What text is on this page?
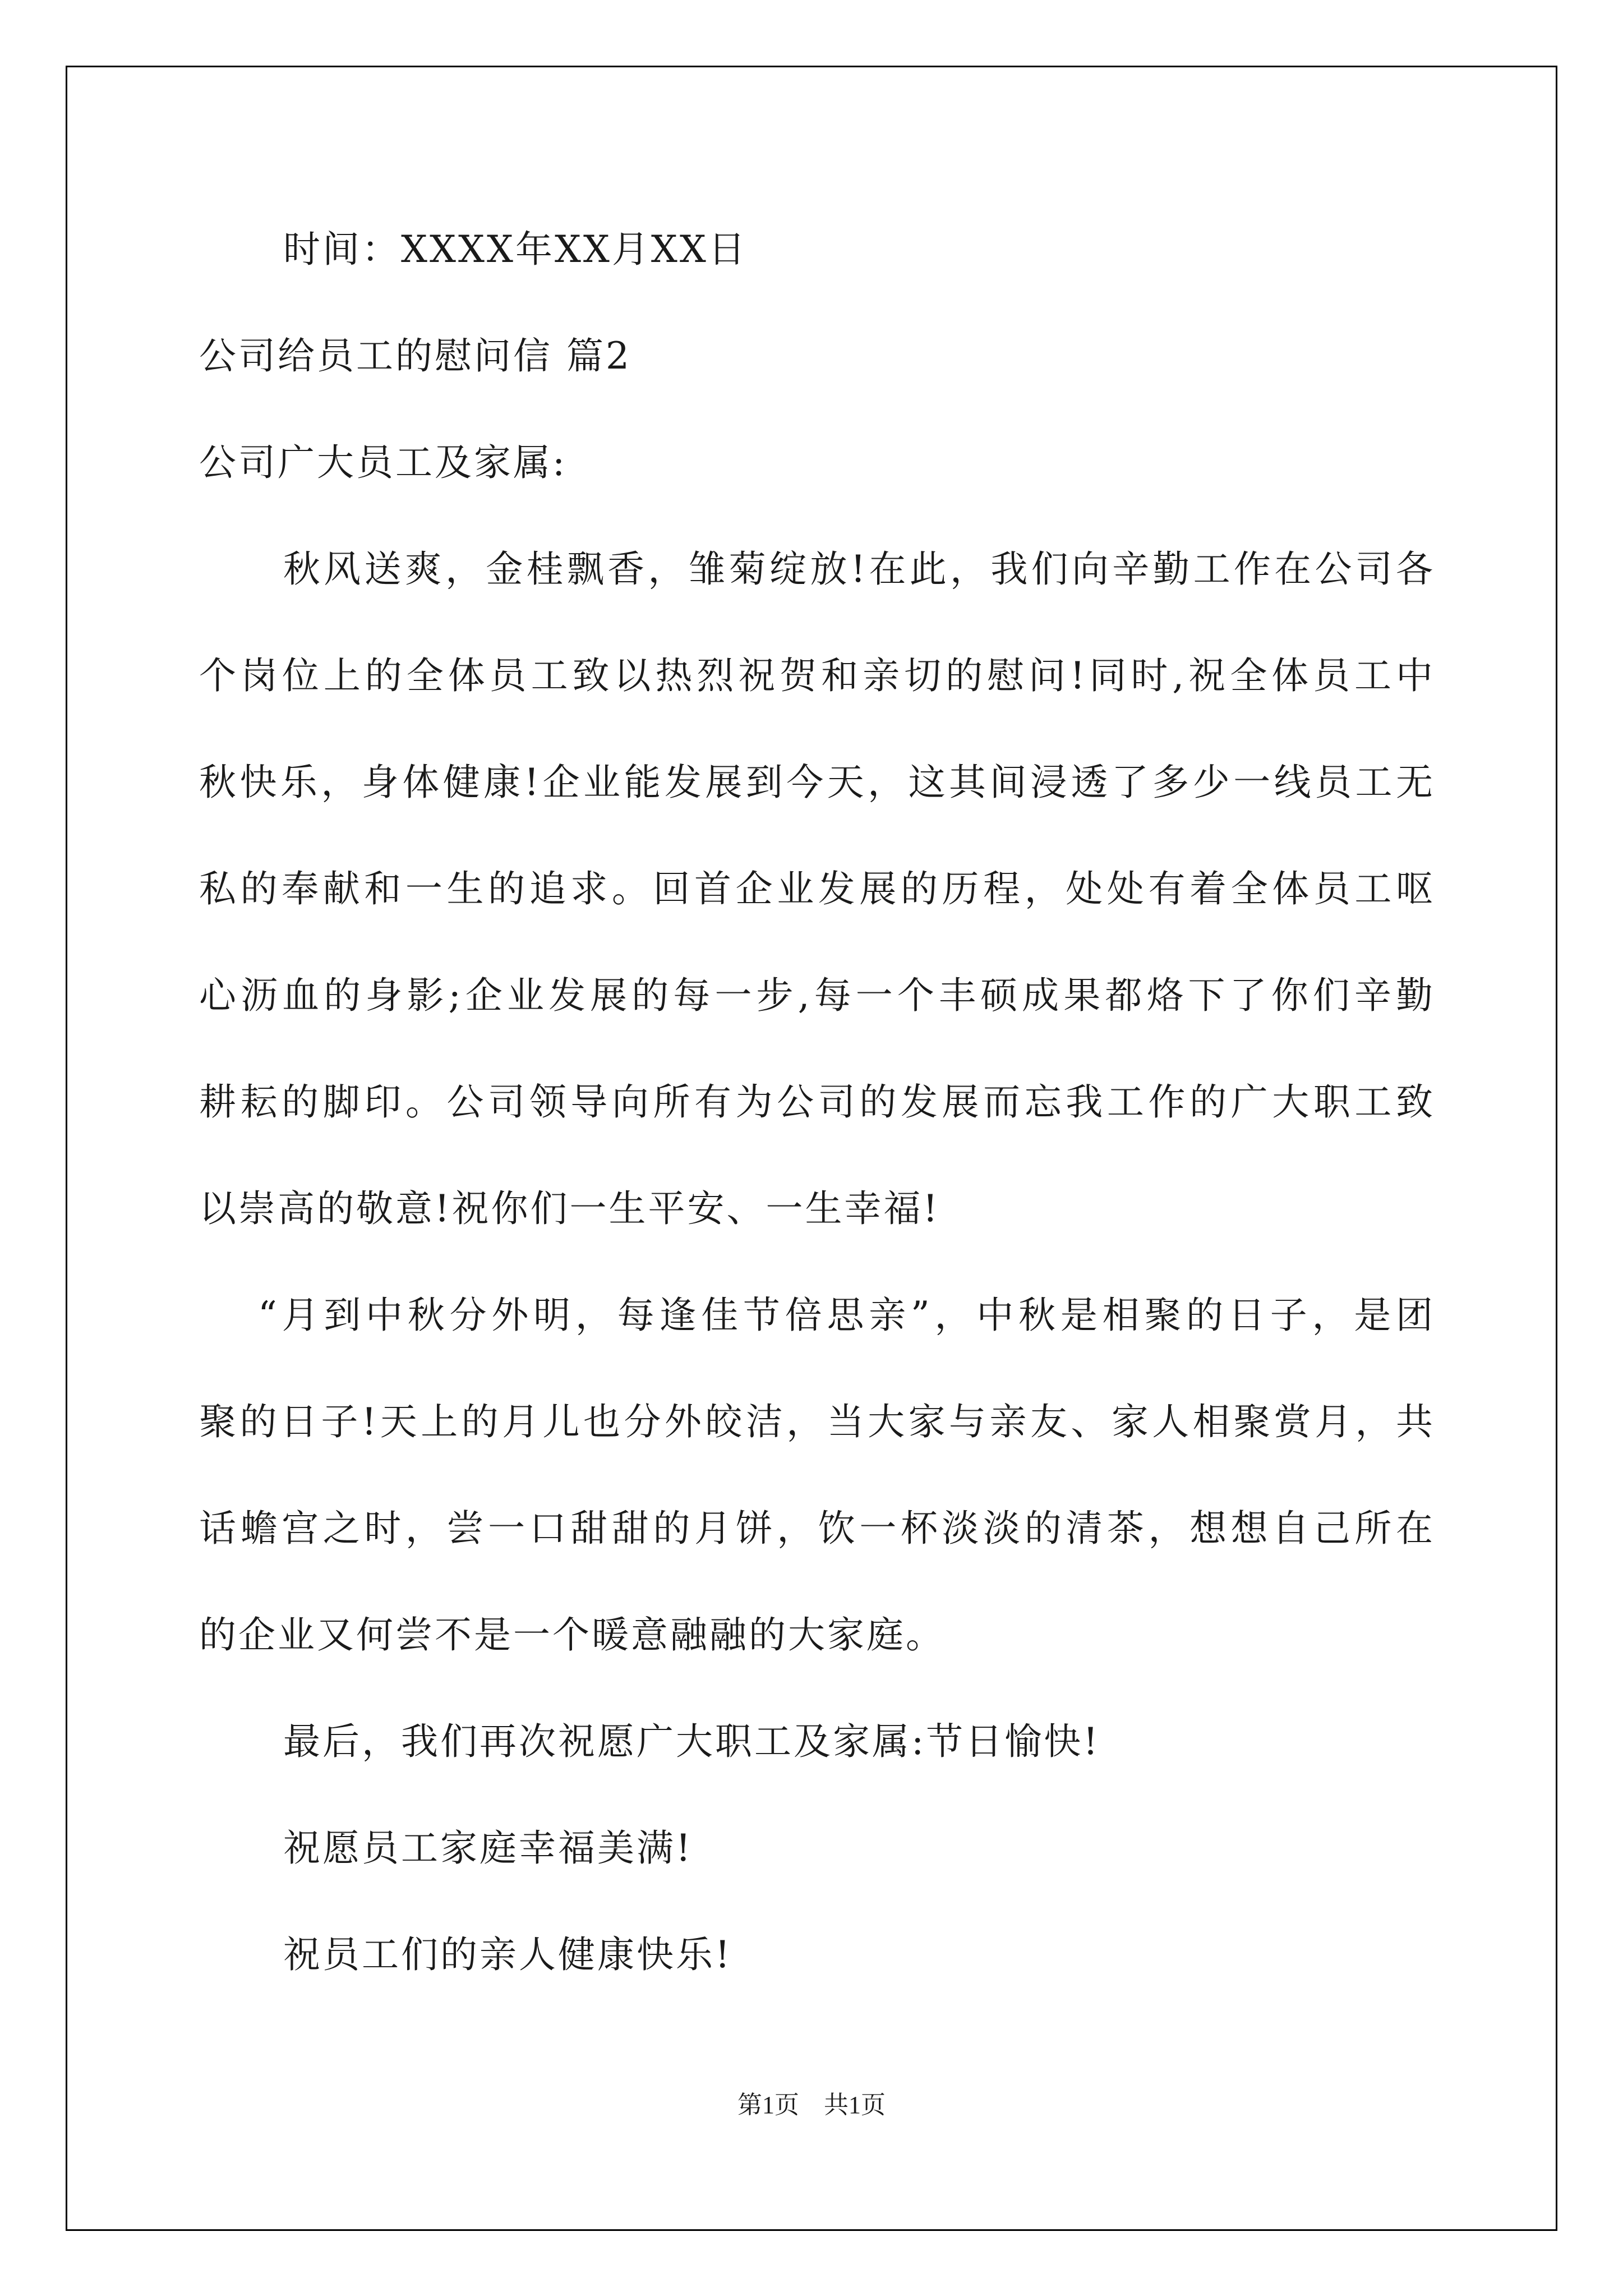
时间：XXXX年XX月XX日
公司给员工的慰问信 篇2
公司广大员工及家属:
秋风送爽，金桂飘香，雏菊绽放!在此，我们向辛勤工作在公司各
个岗位上的全体员工致以热烈祝贺和亲切的慰问!同时,祝全体员工中
秋快乐，身体健康!企业能发展到今天，这其间浸透了多少一线员工无
私的奉献和一生的追求。回首企业发展的历程，处处有着全体员工呕
心沥血的身影;企业发展的每一步,每一个丰硕成果都烙下了你们辛勤
耕耘的脚印。公司领导向所有为公司的发展而忘我工作的广大职工致
以崇高的敬意!祝你们一生平安、一生幸福!
“月到中秋分外明，每逢佳节倍思亲”，中秋是相聚的日子，是团
聚的日子!天上的月儿也分外皎洁，当大家与亲友、家人相聚赏月，共
话蟾宫之时，尝一口甜甜的月饼，饮一杯淡淡的清茶，想想自己所在
的企业又何尝不是一个暖意融融的大家庭。
最后，我们再次祝愿广大职工及家属:节日愉快!
祝愿员工家庭幸福美满!
祝员工们的亲人健康快乐!
第1页 共1页
